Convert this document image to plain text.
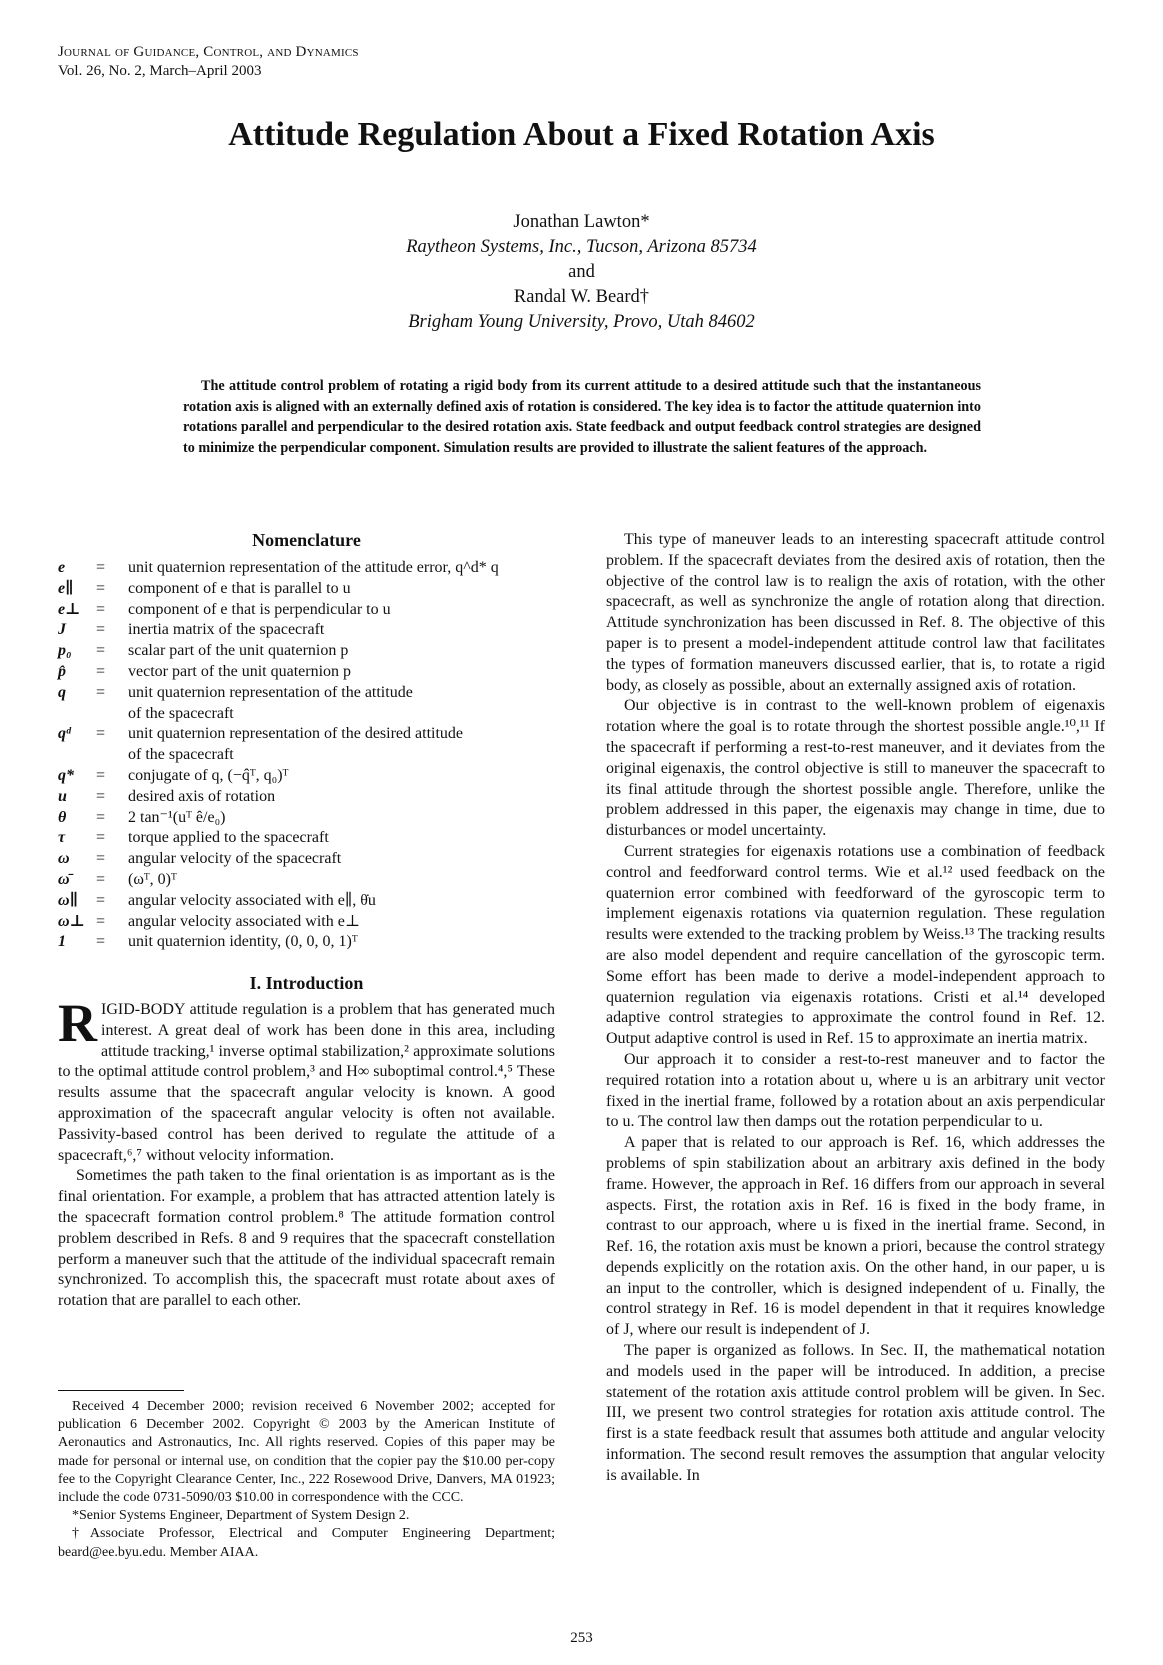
Journal of Guidance, Control, and Dynamics
Vol. 26, No. 2, March–April 2003
Attitude Regulation About a Fixed Rotation Axis
Jonathan Lawton*
Raytheon Systems, Inc., Tucson, Arizona 85734
and
Randal W. Beard†
Brigham Young University, Provo, Utah 84602
The attitude control problem of rotating a rigid body from its current attitude to a desired attitude such that the instantaneous rotation axis is aligned with an externally defined axis of rotation is considered. The key idea is to factor the attitude quaternion into rotations parallel and perpendicular to the desired rotation axis. State feedback and output feedback control strategies are designed to minimize the perpendicular component. Simulation results are provided to illustrate the salient features of the approach.
Nomenclature
e	=	unit quaternion representation of the attitude error, q^d* q
e∥	=	component of e that is parallel to u
e⊥ =	component of e that is perpendicular to u
J	=	inertia matrix of the spacecraft
p₀	=	scalar part of the unit quaternion p
p̂	=	vector part of the unit quaternion p
q	=	unit quaternion representation of the attitude
of the spacecraft
qᵈ	=	unit quaternion representation of the desired attitude
of the spacecraft
q*	=	conjugate of q, (−q̂ᵀ, q₀)ᵀ
u	=	desired axis of rotation
θ	=	2 tan⁻¹(uᵀ ê/e₀)
τ	=	torque applied to the spacecraft
ω	=	angular velocity of the spacecraft
ω̄	=	(ωᵀ, 0)ᵀ
ω∥	=	angular velocity associated with e∥, θ̇u
ω⊥ =	angular velocity associated with e⊥
1	=	unit quaternion identity, (0, 0, 0, 1)ᵀ
I. Introduction

RIGID-BODY attitude regulation is a problem that has generated much interest. A great deal of work has been done in this area, including attitude tracking,¹ inverse optimal stabilization,² approximate solutions to the optimal attitude control problem,³ and H∞ suboptimal control.⁴,⁵ These results assume that the spacecraft angular velocity is known. A good approximation of the spacecraft angular velocity is often not available. Passivity-based control has been derived to regulate the attitude of a spacecraft,⁶,⁷ without velocity information.

Sometimes the path taken to the final orientation is as important as is the final orientation. For example, a problem that has attracted attention lately is the spacecraft formation control problem.⁸ The attitude formation control problem described in Refs. 8 and 9 requires that the spacecraft constellation perform a maneuver such that the attitude of the individual spacecraft remain synchronized. To accomplish this, the spacecraft must rotate about axes of rotation that are parallel to each other.

This type of maneuver leads to an interesting spacecraft attitude control problem. If the spacecraft deviates from the desired axis of rotation, then the objective of the control law is to realign the axis of rotation, with the other spacecraft, as well as synchronize the angle of rotation along that direction. Attitude synchronization has been discussed in Ref. 8. The objective of this paper is to present a model-independent attitude control law that facilitates the types of formation maneuvers discussed earlier, that is, to rotate a rigid body, as closely as possible, about an externally assigned axis of rotation.

Our objective is in contrast to the well-known problem of eigenaxis rotation where the goal is to rotate through the shortest possible angle.¹⁰,¹¹ If the spacecraft if performing a rest-to-rest maneuver, and it deviates from the original eigenaxis, the control objective is still to maneuver the spacecraft to its final attitude through the shortest possible angle. Therefore, unlike the problem addressed in this paper, the eigenaxis may change in time, due to disturbances or model uncertainty.

Current strategies for eigenaxis rotations use a combination of feedback control and feedforward control terms. Wie et al.¹² used feedback on the quaternion error combined with feedforward of the gyroscopic term to implement eigenaxis rotations via quaternion regulation. These regulation results were extended to the tracking problem by Weiss.¹³ The tracking results are also model dependent and require cancellation of the gyroscopic term. Some effort has been made to derive a model-independent approach to quaternion regulation via eigenaxis rotations. Cristi et al.¹⁴ developed adaptive control strategies to approximate the control found in Ref. 12. Output adaptive control is used in Ref. 15 to approximate an inertia matrix.

Our approach it to consider a rest-to-rest maneuver and to factor the required rotation into a rotation about u, where u is an arbitrary unit vector fixed in the inertial frame, followed by a rotation about an axis perpendicular to u. The control law then damps out the rotation perpendicular to u.

A paper that is related to our approach is Ref. 16, which addresses the problems of spin stabilization about an arbitrary axis defined in the body frame. However, the approach in Ref. 16 differs from our approach in several aspects. First, the rotation axis in Ref. 16 is fixed in the body frame, in contrast to our approach, where u is fixed in the inertial frame. Second, in Ref. 16, the rotation axis must be known a priori, because the control strategy depends explicitly on the rotation axis. On the other hand, in our paper, u is an input to the controller, which is designed independent of u. Finally, the control strategy in Ref. 16 is model dependent in that it requires knowledge of J, where our result is independent of J.

The paper is organized as follows. In Sec. II, the mathematical notation and models used in the paper will be introduced. In addition, a precise statement of the rotation axis attitude control problem will be given. In Sec. III, we present two control strategies for rotation axis attitude control. The first is a state feedback result that assumes both attitude and angular velocity information. The second result removes the assumption that angular velocity is available. In

Received 4 December 2000; revision received 6 November 2002; accepted for publication 6 December 2002. Copyright © 2003 by the American Institute of Aeronautics and Astronautics, Inc. All rights reserved. Copies of this paper may be made for personal or internal use, on condition that the copier pay the $10.00 per-copy fee to the Copyright Clearance Center, Inc., 222 Rosewood Drive, Danvers, MA 01923; include the code 0731-5090/03 $10.00 in correspondence with the CCC.

*Senior Systems Engineer, Department of System Design 2.

†Associate Professor, Electrical and Computer Engineering Department; beard@ee.byu.edu. Member AIAA.

253
